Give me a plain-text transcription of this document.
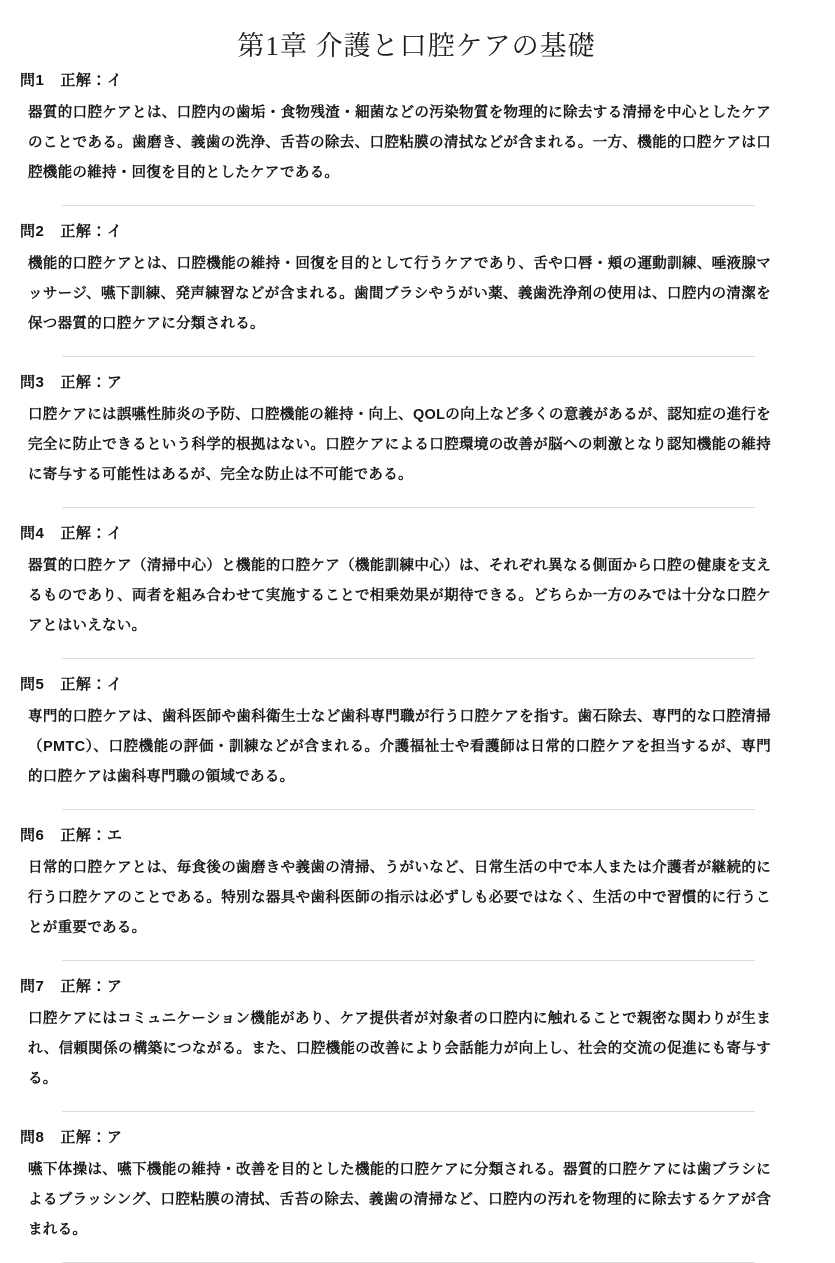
第1章 介護と口腔ケアの基礎
問1 正解：イ

器質的口腔ケアとは、口腔内の歯垢・食物残渣・細菌などの汚染物質を物理的に除去する清掃を中心としたケアのことである。歯磨き、義歯の洗浄、舌苔の除去、口腔粘膜の清拭などが含まれる。一方、機能的口腔ケアは口腔機能の維持・回復を目的としたケアである。

問2 正解：イ

機能的口腔ケアとは、口腔機能の維持・回復を目的として行うケアであり、舌や口唇・頬の運動訓練、唾液腺マッサージ、嚥下訓練、発声練習などが含まれる。歯間ブラシやうがい薬、義歯洗浄剤の使用は、口腔内の清潔を保つ器質的口腔ケアに分類される。

問3 正解：ア

口腔ケアには誤嚥性肺炎の予防、口腔機能の維持・向上、QOLの向上など多くの意義があるが、認知症の進行を完全に防止できるという科学的根拠はない。口腔ケアによる口腔環境の改善が脳への刺激となり認知機能の維持に寄与する可能性はあるが、完全な防止は不可能である。

問4 正解：イ

器質的口腔ケア（清掃中心）と機能的口腔ケア（機能訓練中心）は、それぞれ異なる側面から口腔の健康を支えるものであり、両者を組み合わせて実施することで相乗効果が期待できる。どちらか一方のみでは十分な口腔ケアとはいえない。

問5 正解：イ

専門的口腔ケアは、歯科医師や歯科衛生士など歯科専門職が行う口腔ケアを指す。歯石除去、専門的な口腔清掃（PMTC）、口腔機能の評価・訓練などが含まれる。介護福祉士や看護師は日常的口腔ケアを担当するが、専門的口腔ケアは歯科専門職の領域である。

問6 正解：エ

日常的口腔ケアとは、毎食後の歯磨きや義歯の清掃、うがいなど、日常生活の中で本人または介護者が継続的に行う口腔ケアのことである。特別な器具や歯科医師の指示は必ずしも必要ではなく、生活の中で習慣的に行うことが重要である。

問7 正解：ア

口腔ケアにはコミュニケーション機能があり、ケア提供者が対象者の口腔内に触れることで親密な関わりが生まれ、信頼関係の構築につながる。また、口腔機能の改善により会話能力が向上し、社会的交流の促進にも寄与する。

問8 正解：ア

嚥下体操は、嚥下機能の維持・改善を目的とした機能的口腔ケアに分類される。器質的口腔ケアには歯ブラシによるブラッシング、口腔粘膜の清拭、舌苔の除去、義歯の清掃など、口腔内の汚れを物理的に除去するケアが含まれる。
